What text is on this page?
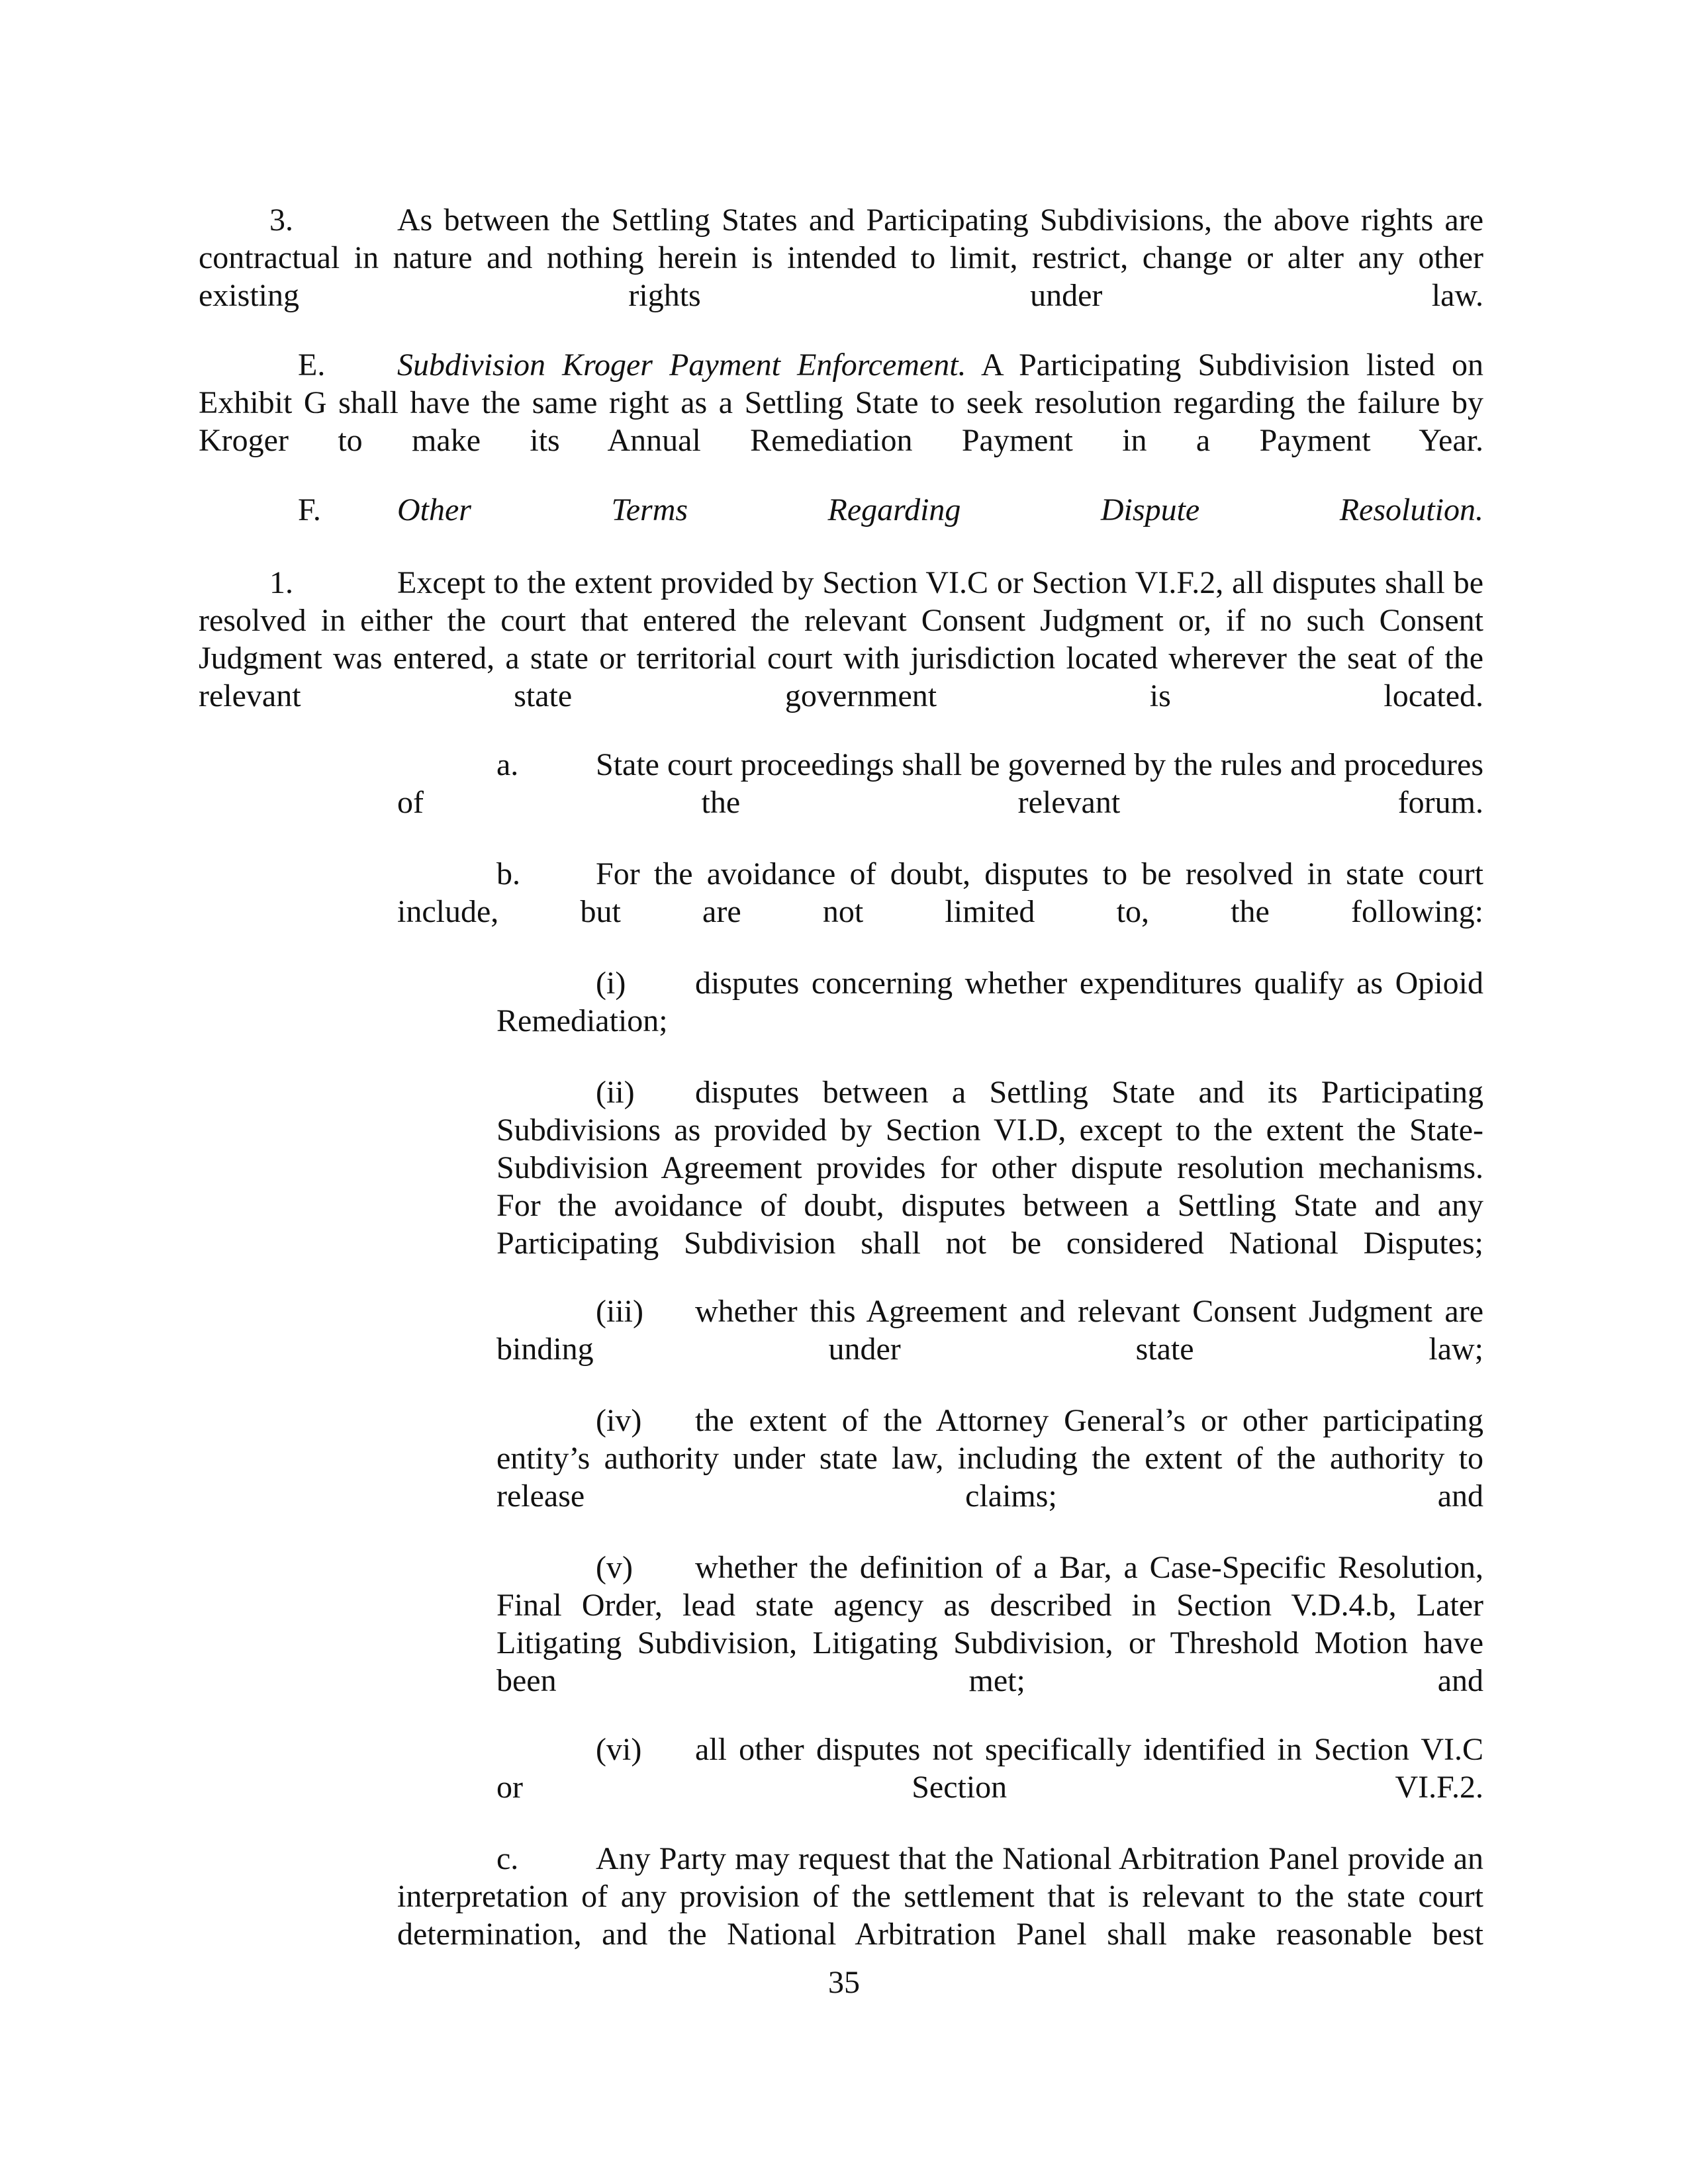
3.	As between the Settling States and Participating Subdivisions, the above rights are contractual in nature and nothing herein is intended to limit, restrict, change or alter any other existing rights under law.

E. Subdivision Kroger Payment Enforcement. A Participating Subdivision listed on Exhibit G shall have the same right as a Settling State to seek resolution regarding the failure by Kroger to make its Annual Remediation Payment in a Payment Year.

F. Other Terms Regarding Dispute Resolution.

1.	Except to the extent provided by Section VI.C or Section VI.F.2, all disputes shall be resolved in either the court that entered the relevant Consent Judgment or, if no such Consent Judgment was entered, a state or territorial court with jurisdiction located wherever the seat of the relevant state government is located.

a. State court proceedings shall be governed by the rules and procedures of the relevant forum.

b. For the avoidance of doubt, disputes to be resolved in state court include, but are not limited to, the following:

(i) disputes concerning whether expenditures qualify as Opioid Remediation;

(ii) disputes between a Settling State and its Participating Subdivisions as provided by Section VI.D, except to the extent the State-Subdivision Agreement provides for other dispute resolution mechanisms. For the avoidance of doubt, disputes between a Settling State and any Participating Subdivision shall not be considered National Disputes;

(iii) whether this Agreement and relevant Consent Judgment are binding under state law;

(iv) the extent of the Attorney General’s or other participating entity’s authority under state law, including the extent of the authority to release claims; and

(v) whether the definition of a Bar, a Case-Specific Resolution, Final Order, lead state agency as described in Section V.D.4.b, Later Litigating Subdivision, Litigating Subdivision, or Threshold Motion have been met; and

(vi) all other disputes not specifically identified in Section VI.C or Section VI.F.2.

c. Any Party may request that the National Arbitration Panel provide an interpretation of any provision of the settlement that is relevant to the state court determination, and the National Arbitration Panel shall make reasonable best

35
